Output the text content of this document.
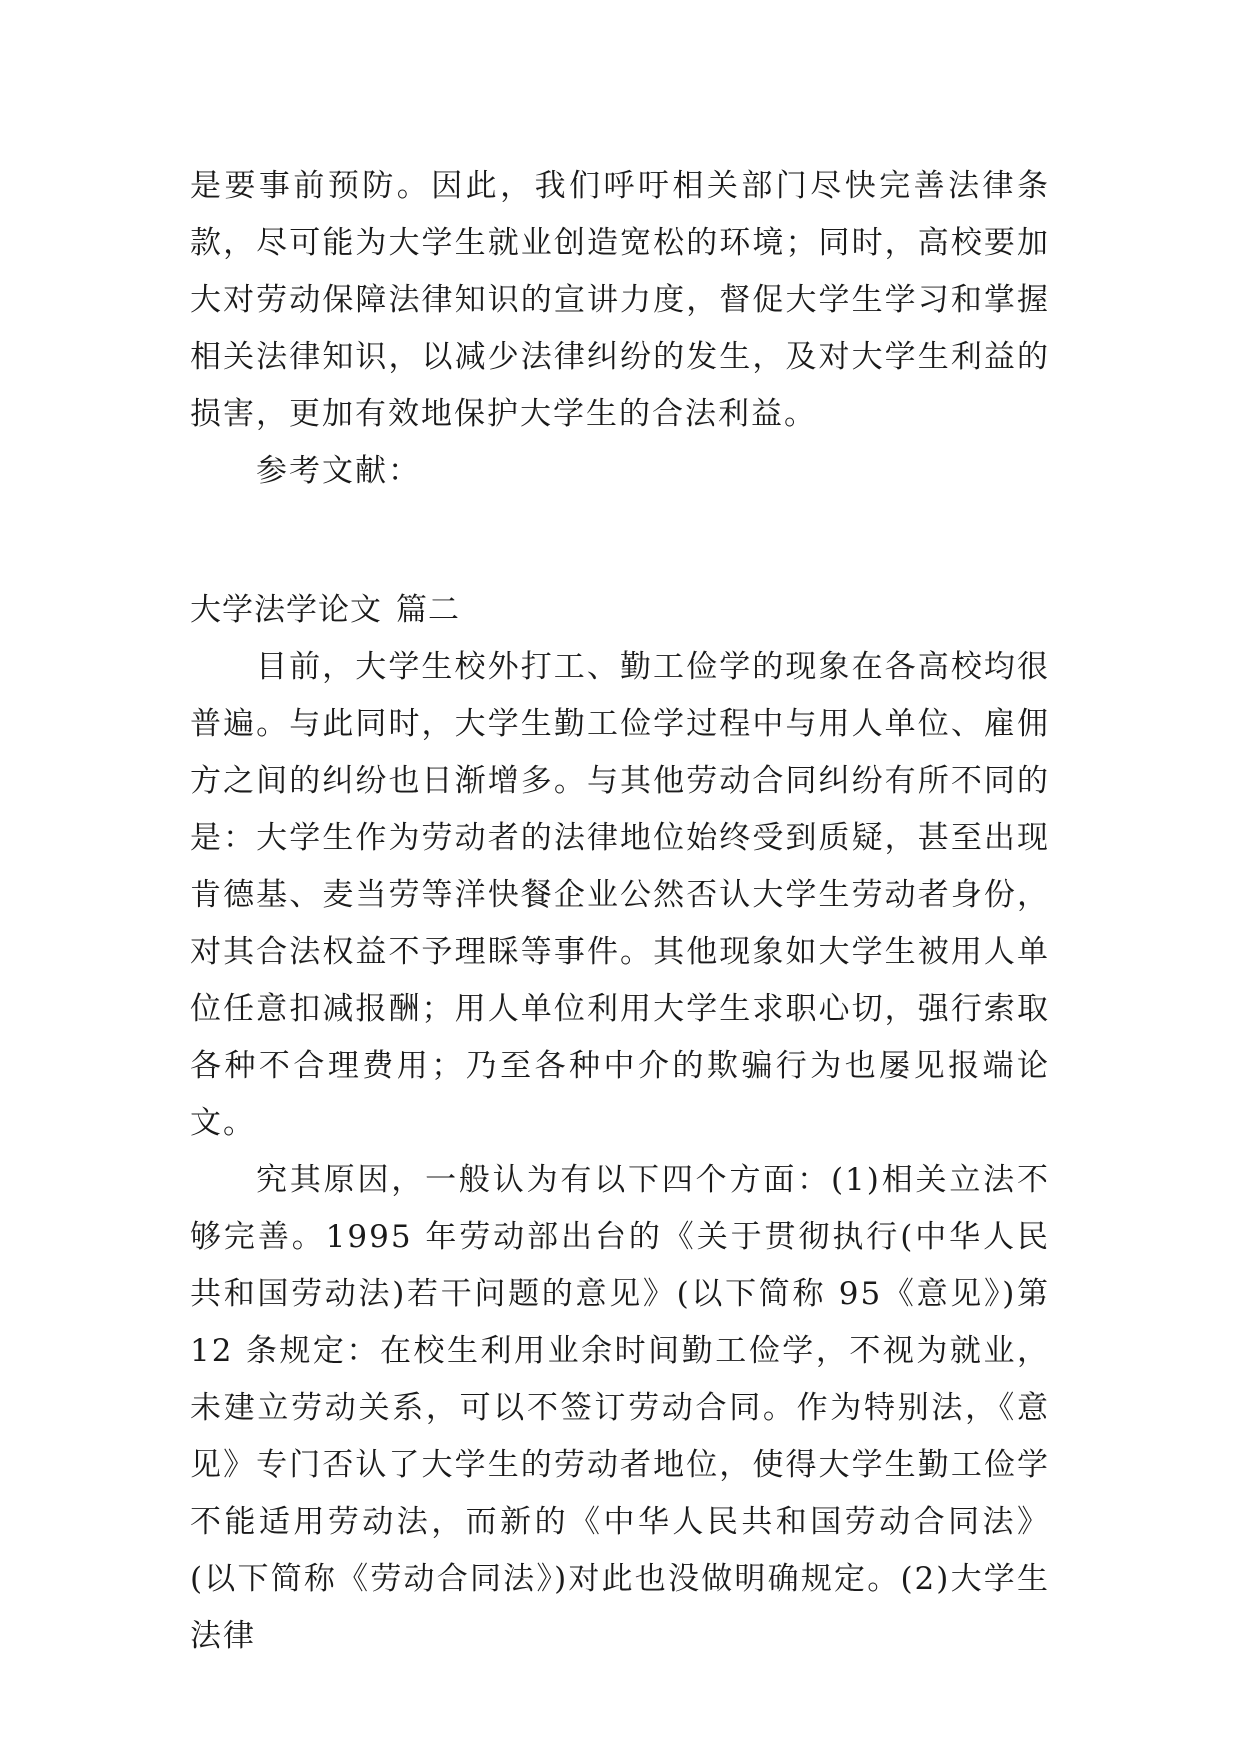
是要事前预防。因此，我们呼吁相关部门尽快完善法律条款，尽可能为大学生就业创造宽松的环境；同时，高校要加大对劳动保障法律知识的宣讲力度，督促大学生学习和掌握相关法律知识，以减少法律纠纷的发生，及对大学生利益的损害，更加有效地保护大学生的合法利益。

参考文献：

大学法学论文 篇二

目前，大学生校外打工、勤工俭学的现象在各高校均很普遍。与此同时，大学生勤工俭学过程中与用人单位、雇佣方之间的纠纷也日渐增多。与其他劳动合同纠纷有所不同的是：大学生作为劳动者的法律地位始终受到质疑，甚至出现肯德基、麦当劳等洋快餐企业公然否认大学生劳动者身份，对其合法权益不予理睬等事件。其他现象如大学生被用人单位任意扣减报酬；用人单位利用大学生求职心切，强行索取各种不合理费用；乃至各种中介的欺骗行为也屡见报端论文。

究其原因，一般认为有以下四个方面：(1)相关立法不够完善。1995 年劳动部出台的《关于贯彻执行(中华人民共和国劳动法)若干问题的意见》(以下简称 95《意见》)第 12 条规定：在校生利用业余时间勤工俭学，不视为就业，未建立劳动关系，可以不签订劳动合同。作为特别法，《意见》专门否认了大学生的劳动者地位，使得大学生勤工俭学不能适用劳动法，而新的《中华人民共和国劳动合同法》(以下简称《劳动合同法》)对此也没做明确规定。(2)大学生法律
